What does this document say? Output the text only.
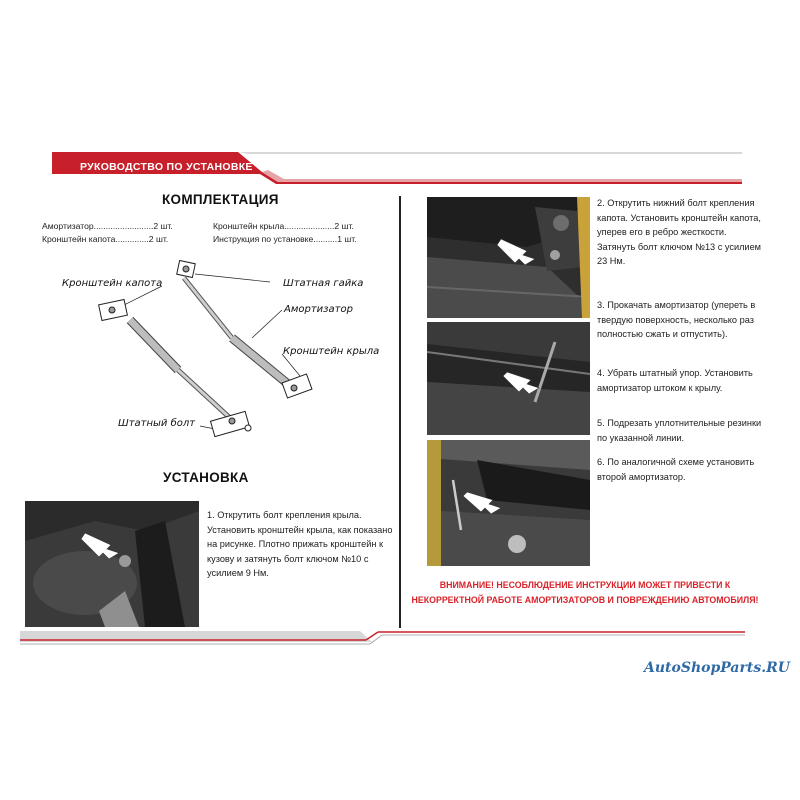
РУКОВОДСТВО ПО УСТАНОВКЕ
КОМПЛЕКТАЦИЯ
Амортизатор.........................2 шт.
Кронштейн капота..............2 шт.
Кронштейн крыла.....................2 шт.
Инструкция по установке..........1 шт.
Кронштейн капота	Штатная гайка
Амортизатор
Кронштейн крыла
Штатный болт
УСТАНОВКА
1. Открутить болт крепления крыла. Установить кронштейн крыла, как показано на рисунке. Плотно прижать кронштейн к кузову и затянуть болт ключом №10 с усилием 9 Нм.
2. Открутить нижний болт крепления капота. Установить кронштейн капота, уперев его в ребро жесткости. Затянуть болт ключом №13 с усилием 23 Нм.
3. Прокачать амортизатор (упереть в твердую поверхность, несколько раз полностью сжать и отпустить).
4. Убрать штатный упор. Установить амортизатор штоком к крылу.
5. Подрезать уплотнительные резинки по указанной линии.
6. По аналогичной схеме установить второй амортизатор.
ВНИМАНИЕ! НЕСОБЛЮДЕНИЕ ИНСТРУКЦИИ МОЖЕТ ПРИВЕСТИ К НЕКОРРЕКТНОЙ РАБОТЕ АМОРТИЗАТОРОВ И ПОВРЕЖДЕНИЮ АВТОМОБИЛЯ!
AutoShopParts.RU
